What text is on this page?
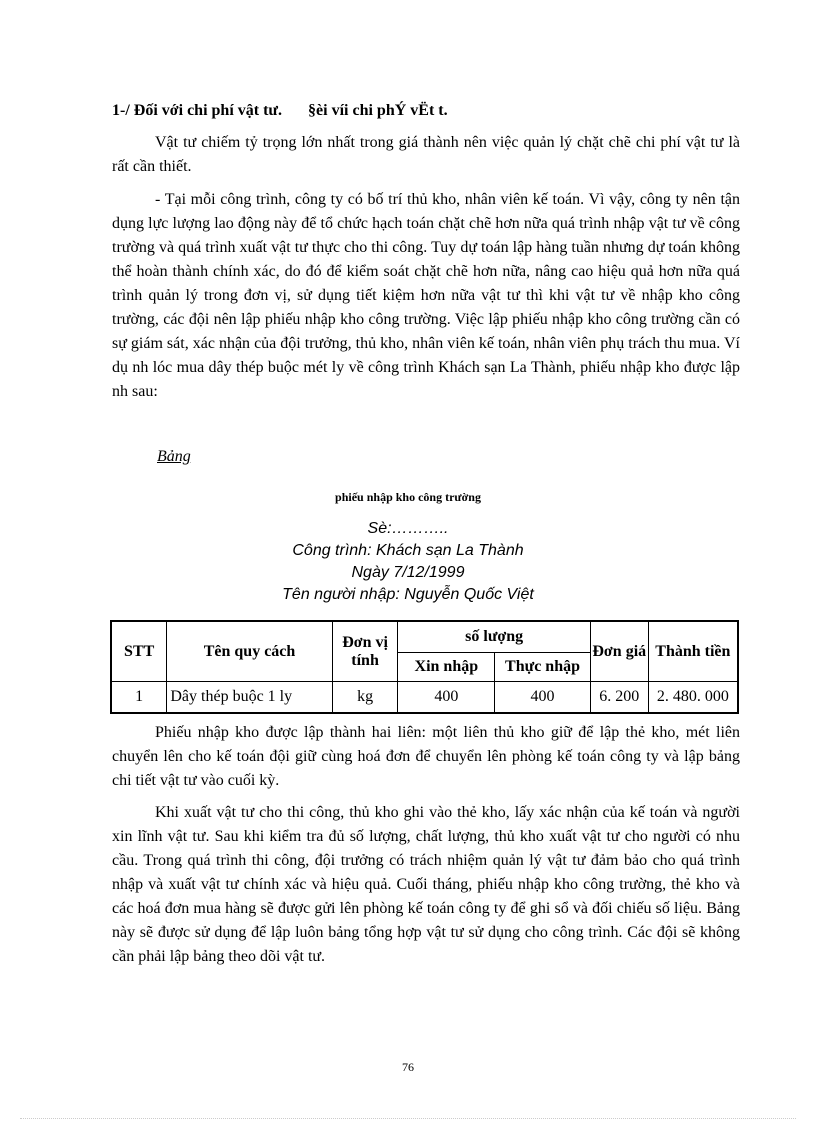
1-/ Đối với chi phí vật tư. §èi víi chi phÝ vËt t.

Vật tư chiếm tỷ trọng lớn nhất trong giá thành nên việc quản lý chặt chẽ chi phí vật tư là rất cần thiết.

- Tại mỗi công trình, công ty có bố trí thủ kho, nhân viên kế toán. Vì vậy, công ty nên tận dụng lực lượng lao động này để tổ chức hạch toán chặt chẽ hơn nữa quá trình nhập vật tư về công trường và quá trình xuất vật tư thực cho thi công. Tuy dự toán lập hàng tuần nhưng dự toán không thể hoàn thành chính xác, do đó để kiểm soát chặt chẽ hơn nữa, nâng cao hiệu quả hơn nữa quá trình quản lý trong đơn vị, sử dụng tiết kiệm hơn nữa vật tư thì khi vật tư về nhập kho công trường, các đội nên lập phiếu nhập kho công trường. Việc lập phiếu nhập kho công trường cần có sự giám sát, xác nhận của đội trưởng, thủ kho, nhân viên kế toán, nhân viên phụ trách thu mua. Ví dụ nh lóc mua dây thép buộc mét ly về công trình Khách sạn La Thành, phiếu nhập kho được lập nh sau:

Bảng
phiếu nhập kho công trường
Sè:………..
Công trình: Khách sạn La Thành
Ngày 7/12/1999
Tên người nhập: Nguyễn Quốc Việt
STT	Tên quy cách	Đơn vị tính	số lượng		Đơn giá	Thành tiền
			Xin nhập	Thực nhập		
1	Dây thép buộc 1 ly	kg	400	400	6. 200	2. 480. 000

Phiếu nhập kho được lập thành hai liên: một liên thủ kho giữ để lập thẻ kho, mét liên chuyển lên cho kế toán đội giữ cùng hoá đơn để chuyển lên phòng kế toán công ty và lập bảng chi tiết vật tư vào cuối kỳ.

Khi xuất vật tư cho thi công, thủ kho ghi vào thẻ kho, lấy xác nhận của kế toán và người xin lĩnh vật tư. Sau khi kiểm tra đủ số lượng, chất lượng, thủ kho xuất vật tư cho người có nhu cầu. Trong quá trình thi công, đội trưởng có trách nhiệm quản lý vật tư đảm bảo cho quá trình nhập và xuất vật tư chính xác và hiệu quả. Cuối tháng, phiếu nhập kho công trường, thẻ kho và các hoá đơn mua hàng sẽ được gửi lên phòng kế toán công ty để ghi sổ và đối chiếu số liệu. Bảng này sẽ được sử dụng để lập luôn bảng tổng hợp vật tư sử dụng cho công trình. Các đội sẽ không cần phải lập bảng theo dõi vật tư.

76
